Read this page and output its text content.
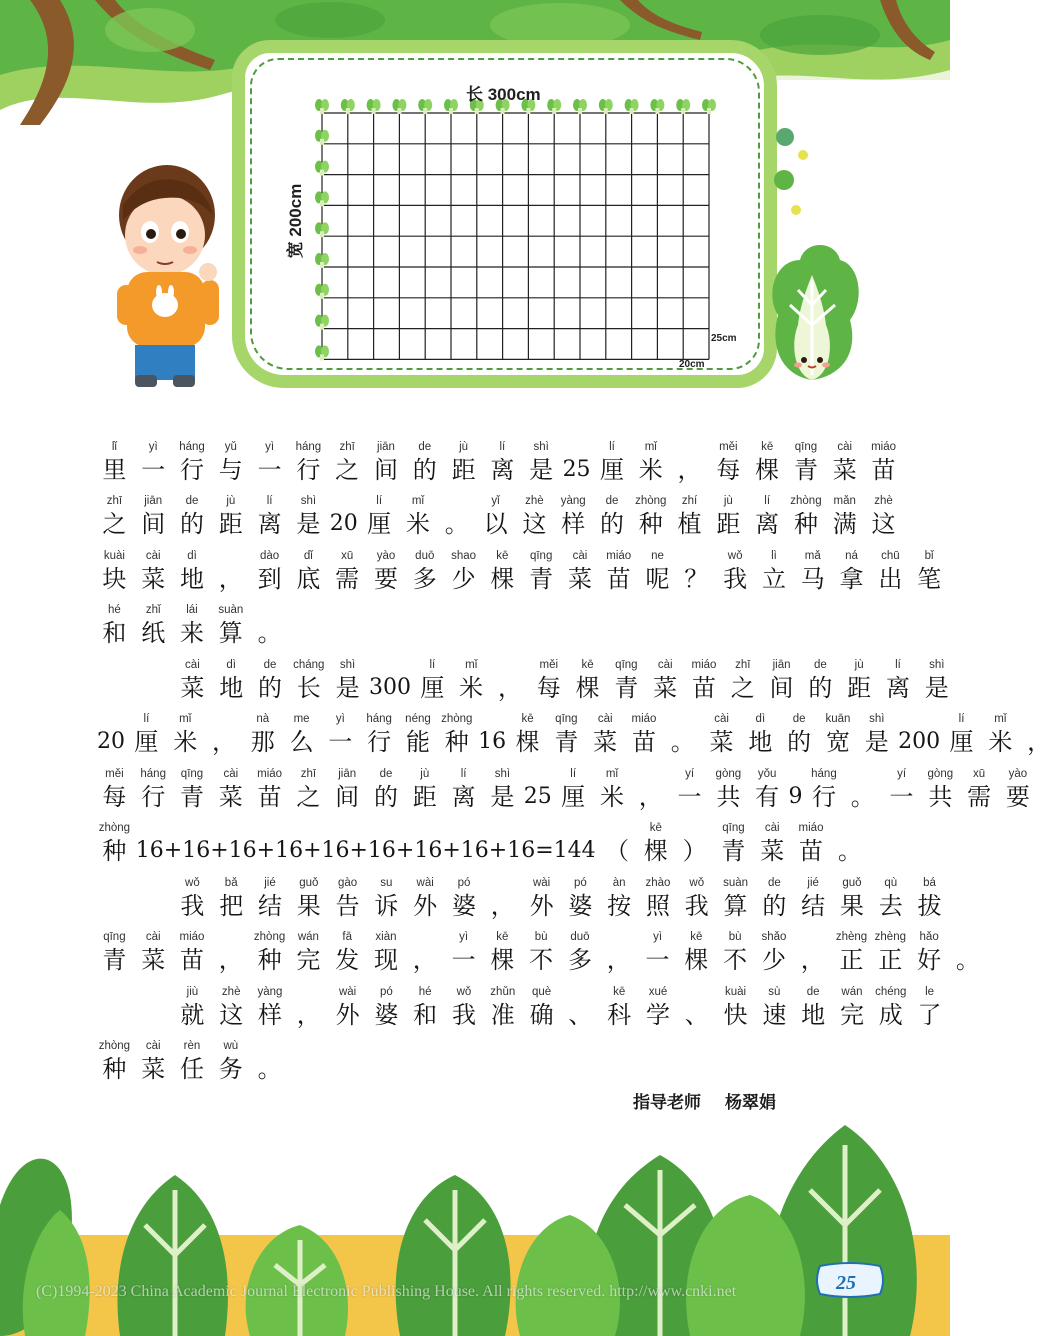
长 300cm
宽 200cm
25cm
20cm
lǐ
里
yì
一
háng
行
yǔ
与
yì
一
háng
行
zhī
之
jiān
间
de
的
jù
距
lí
离
shì
是 25
lí
厘
mǐ
米 ，
měi
每
kē
棵
qīng
青
cài
菜
miáo
苗
zhī
之
jiān
间
de
的
jù
距
lí
离
shì
是 20
lí
厘
mǐ
米 。
yǐ
以
zhè
这
yàng
样
de
的
zhòng
种
zhí
植
jù
距
lí
离
zhòng
种
mǎn
满
zhè
这
kuài
块
cài
菜
dì
地 ，
dào
到
dǐ
底
xū
需
yào
要
duō
多
shao
少
kē
棵
qīng
青
cài
菜
miáo
苗
ne
呢 ？
wǒ
我
lì
立
mǎ
马
ná
拿
chū
出
bǐ
笔
hé
和
zhǐ
纸
lái
来
suàn
算 。
cài
菜
dì
地
de
的
cháng
长
shì
是 300
lí
厘
mǐ
米 ，
měi
每
kē
棵
qīng
青
cài
菜
miáo
苗
zhī
之
jiān
间
de
的
jù
距
lí
离
shì
是
20
lí
厘
mǐ
米 ，
nà
那
me
么
yì
一
háng
行
néng
能
zhòng
种 16
kē
棵
qīng
青
cài
菜
miáo
苗 。
cài
菜
dì
地
de
的
kuān
宽
shì
是 200
lí
厘
mǐ
米 ，
měi
每
háng
行
qīng
青
cài
菜
miáo
苗
zhī
之
jiān
间
de
的
jù
距
lí
离
shì
是 25
lí
厘
mǐ
米 ，
yí
一
gòng
共
yǒu
有 9
háng
行 。
yí
一
gòng
共
xū
需
yào
要
zhòng
种 16+16+16+16+16+16+16+16+16=144 （
kē
棵 ）
qīng
青
cài
菜
miáo
苗 。
wǒ
我
bǎ
把
jié
结
guǒ
果
gào
告
su
诉
wài
外
pó
婆 ，
wài
外
pó
婆
àn
按
zhào
照
wǒ
我
suàn
算
de
的
jié
结
guǒ
果
qù
去
bá
拔
qīng
青
cài
菜
miáo
苗 ，
zhòng
种
wán
完
fā
发
xiàn
现 ，
yì
一
kē
棵
bù
不
duō
多 ，
yì
一
kē
棵
bù
不
shǎo
少 ，
zhèng
正
zhèng
正
hǎo
好 。
jiù
就
zhè
这
yàng
样 ，
wài
外
pó
婆
hé
和
wǒ
我
zhǔn
准
què
确 、
kē
科
xué
学 、
kuài
快
sù
速
de
地
wán
完
chéng
成
le
了
zhòng
种
cài
菜
rèn
任
wù
务 。
指导老师 杨翠娟
25
(C)1994-2023 China Academic Journal Electronic Publishing House. All rights reserved. http://www.cnki.net
